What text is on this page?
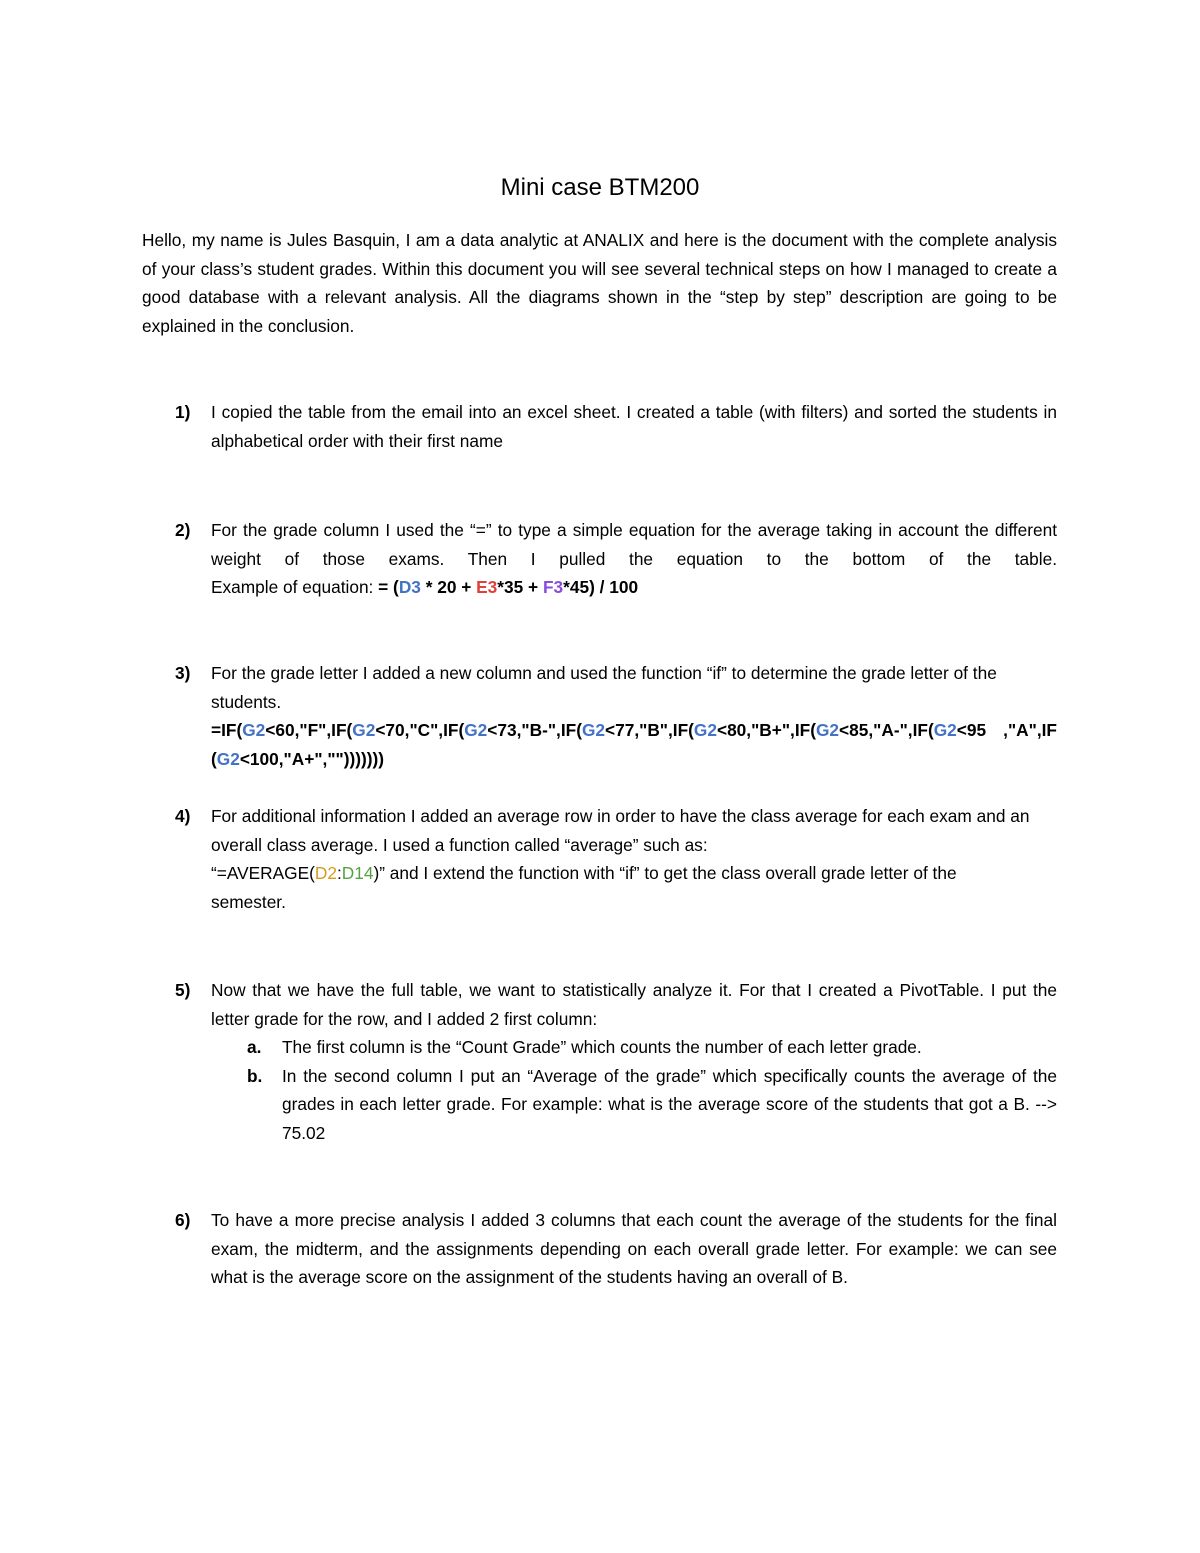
Mini case BTM200

Hello, my name is Jules Basquin, I am a data analytic at ANALIX and here is the document with the complete analysis of your class’s student grades. Within this document you will see several technical steps on how I managed to create a good database with a relevant analysis. All the diagrams shown in the “step by step” description are going to be explained in the conclusion.

1) I copied the table from the email into an excel sheet. I created a table (with filters) and sorted the students in alphabetical order with their first name
2) For the grade column I used the “=” to type a simple equation for the average taking in account the different weight of those exams. Then I pulled the equation to the bottom of the table.
Example of equation: = (D3 * 20 + E3*35 + F3*45) / 100
3) For the grade letter I added a new column and used the function “if” to determine the grade letter of the students.
=IF(G2<60,"F",IF(G2<70,"C",IF(G2<73,"B-",IF(G2<77,"B",IF(G2<80,"B+",IF(G2<85,"A-",IF(G2<95 ,"A",IF(G2<100,"A+","")))))))
4) For additional information I added an average row in order to have the class average for each exam and an overall class average. I used a function called “average” such as:
“=AVERAGE(D2:D14)” and I extend the function with “if” to get the class overall grade letter of the semester.
5) Now that we have the full table, we want to statistically analyze it. For that I created a PivotTable. I put the letter grade for the row, and I added 2 first column:
a. The first column is the “Count Grade” which counts the number of each letter grade.
b. In the second column I put an “Average of the grade” which specifically counts the average of the grades in each letter grade. For example: what is the average score of the students that got a B. --> 75.02
6) To have a more precise analysis I added 3 columns that each count the average of the students for the final exam, the midterm, and the assignments depending on each overall grade letter. For example: we can see what is the average score on the assignment of the students having an overall of B.
